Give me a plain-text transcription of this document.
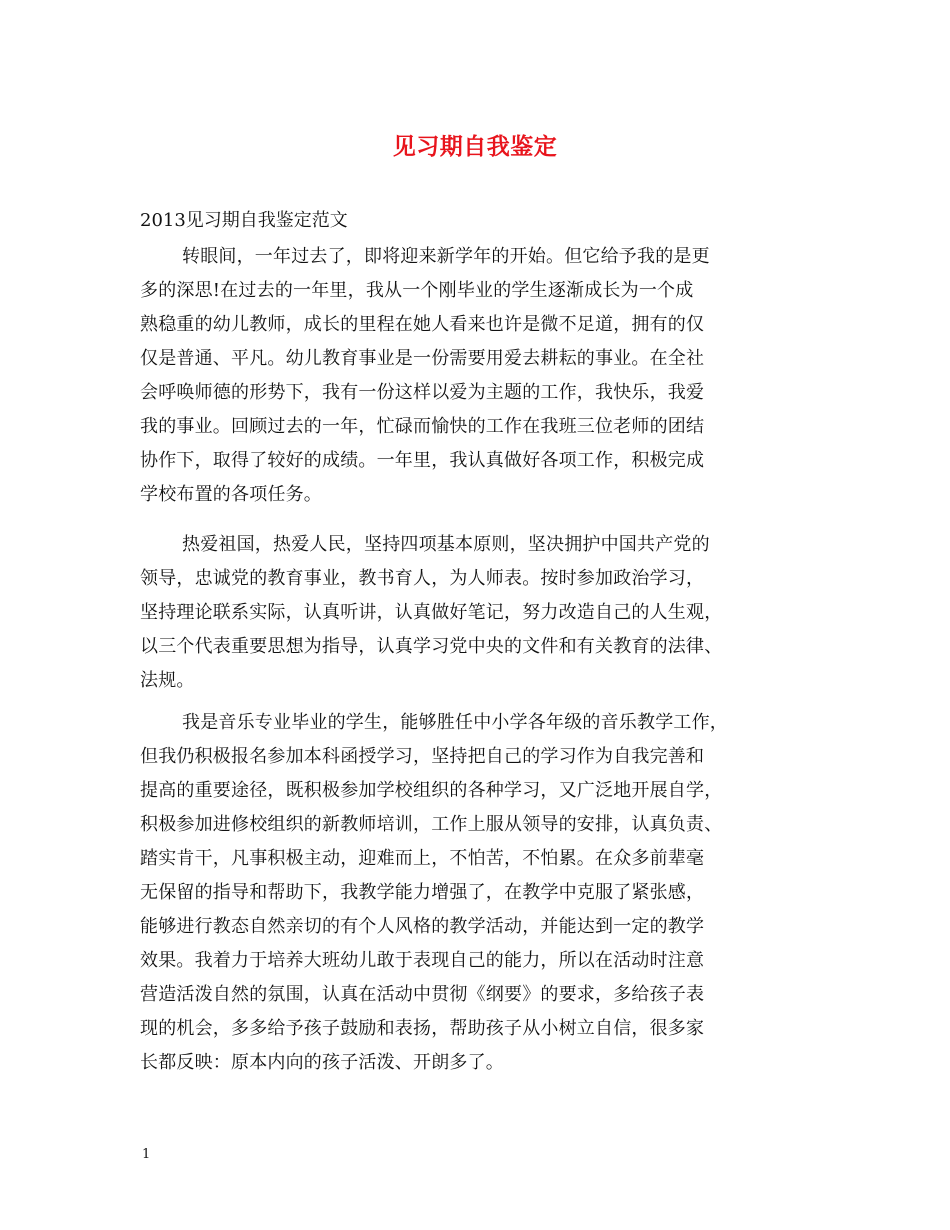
见习期自我鉴定
2013见习期自我鉴定范文
转眼间，一年过去了，即将迎来新学年的开始。但它给予我的是更
多的深思!在过去的一年里，我从一个刚毕业的学生逐渐成长为一个成
熟稳重的幼儿教师，成长的里程在她人看来也许是微不足道，拥有的仅
仅是普通、平凡。幼儿教育事业是一份需要用爱去耕耘的事业。在全社
会呼唤师德的形势下，我有一份这样以爱为主题的工作，我快乐，我爱
我的事业。回顾过去的一年，忙碌而愉快的工作在我班三位老师的团结
协作下，取得了较好的成绩。一年里，我认真做好各项工作，积极完成
学校布置的各项任务。
热爱祖国，热爱人民，坚持四项基本原则，坚决拥护中国共产党的
领导，忠诚党的教育事业，教书育人，为人师表。按时参加政治学习，
坚持理论联系实际，认真听讲，认真做好笔记，努力改造自己的人生观，
以三个代表重要思想为指导，认真学习党中央的文件和有关教育的法律、
法规。
我是音乐专业毕业的学生，能够胜任中小学各年级的音乐教学工作，
但我仍积极报名参加本科函授学习，坚持把自己的学习作为自我完善和
提高的重要途径，既积极参加学校组织的各种学习，又广泛地开展自学，
积极参加进修校组织的新教师培训，工作上服从领导的安排，认真负责、
踏实肯干，凡事积极主动，迎难而上，不怕苦，不怕累。在众多前辈毫
无保留的指导和帮助下，我教学能力增强了，在教学中克服了紧张感，
能够进行教态自然亲切的有个人风格的教学活动，并能达到一定的教学
效果。我着力于培养大班幼儿敢于表现自己的能力，所以在活动时注意
营造活泼自然的氛围，认真在活动中贯彻《纲要》的要求，多给孩子表
现的机会，多多给予孩子鼓励和表扬，帮助孩子从小树立自信，很多家
长都反映：原本内向的孩子活泼、开朗多了。
1
